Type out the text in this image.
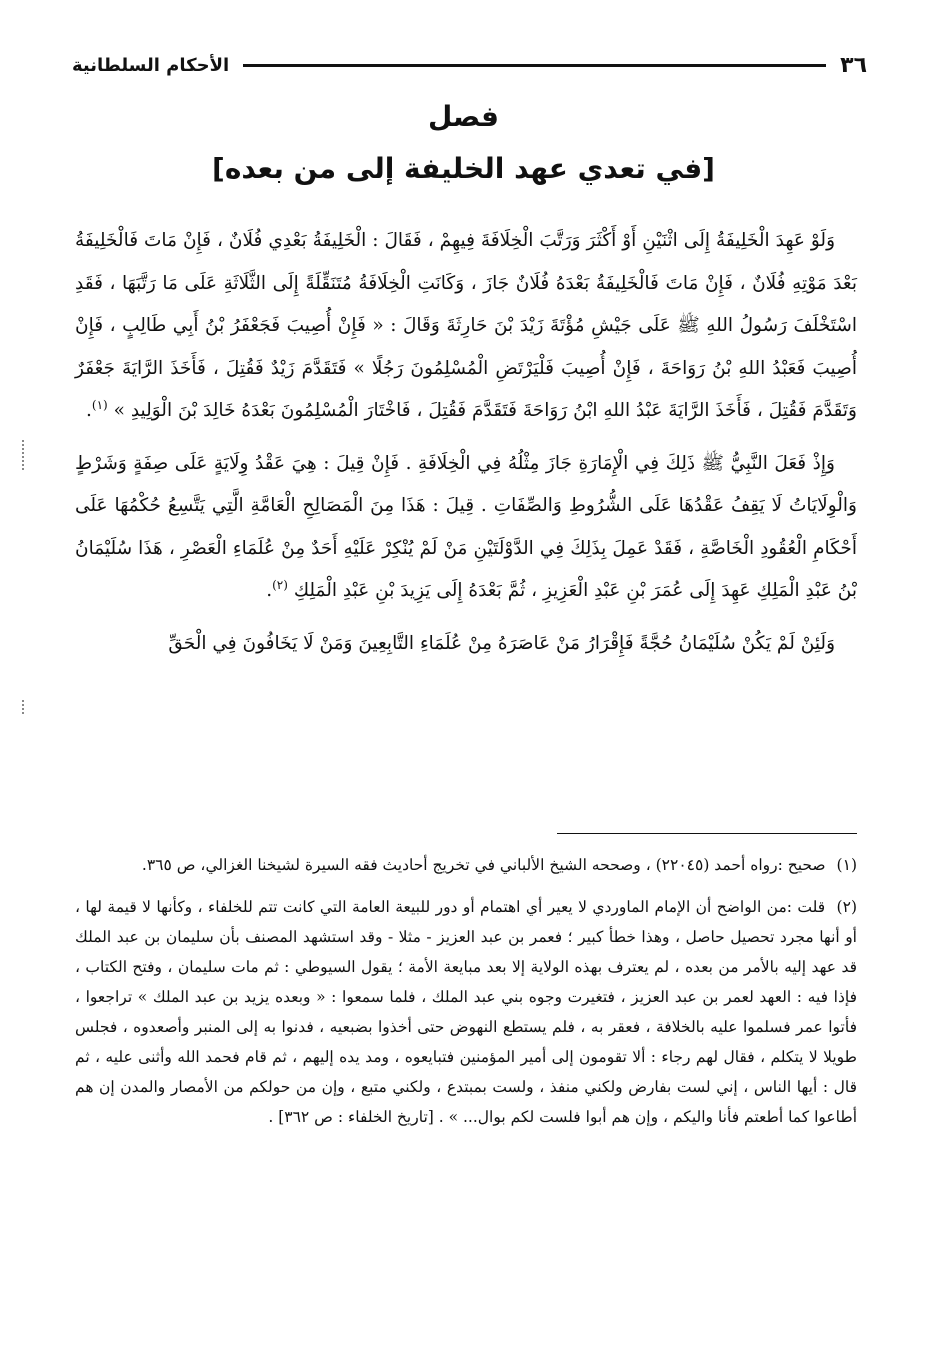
٣٦
الأحكام السلطانية
فصل
[في تعدي عهد الخليفة إلى من بعده]

وَلَوْ عَهِدَ الْخَلِيفَةُ إِلَى اثْنَيْنِ أَوْ أَكْثَرَ وَرَتَّبَ الْخِلَافَةَ فِيهِمْ ، فَقَالَ : الْخَلِيفَةُ بَعْدِي فُلَانٌ ، فَإِنْ مَاتَ فَالْخَلِيفَةُ بَعْدَ مَوْتِهِ فُلَانٌ ، فَإِنْ مَاتَ فَالْخَلِيفَةُ بَعْدَهُ فُلَانٌ جَازَ ، وَكَانَتِ الْخِلَافَةُ مُتَنَقِّلَةً إِلَى الثَّلَاثَةِ عَلَى مَا رَتَّبَهَا ، فَقَدِ اسْتَخْلَفَ رَسُولُ اللهِ ﷺ عَلَى جَيْشِ مُؤْتَةَ زَيْدَ بْنَ حَارِثَةَ وَقَالَ : « فَإِنْ أُصِيبَ فَجَعْفَرُ بْنُ أَبِي طَالِبٍ ، فَإِنْ أُصِيبَ فَعَبْدُ اللهِ بْنُ رَوَاحَةَ ، فَإِنْ أُصِيبَ فَلْيَرْتَضِ الْمُسْلِمُونَ رَجُلًا » فَتَقَدَّمَ زَيْدٌ فَقُتِلَ ، فَأَخَذَ الرَّايَةَ جَعْفَرٌ وَتَقَدَّمَ فَقُتِلَ ، فَأَخَذَ الرَّايَةَ عَبْدُ اللهِ ابْنُ رَوَاحَةَ فَتَقَدَّمَ فَقُتِلَ ، فَاخْتَارَ الْمُسْلِمُونَ بَعْدَهُ خَالِدَ بْنَ الْوَلِيدِ » $^{(١)}$.

وَإِذْ فَعَلَ النَّبِيُّ ﷺ ذَلِكَ فِي الْإِمَارَةِ جَازَ مِثْلُهُ فِي الْخِلَافَةِ . فَإِنْ قِيلَ : هِيَ عَقْدُ وِلَايَةٍ عَلَى صِفَةٍ وَشَرْطٍ وَالْوِلَايَاتُ لَا يَقِفُ عَقْدُهَا عَلَى الشُّرُوطِ وَالصِّفَاتِ . قِيلَ : هَذَا مِنَ الْمَصَالِحِ الْعَامَّةِ الَّتِي يَتَّسِعُ حُكْمُهَا عَلَى أَحْكَامِ الْعُقُودِ الْخَاصَّةِ ، فَقَدْ عَمِلَ بِذَلِكَ فِي الدَّوْلَتَيْنِ مَنْ لَمْ يُنْكِرْ عَلَيْهِ أَحَدٌ مِنْ عُلَمَاءِ الْعَصْرِ ، هَذَا سُلَيْمَانُ بْنُ عَبْدِ الْمَلِكِ عَهِدَ إِلَى عُمَرَ بْنِ عَبْدِ الْعَزِيزِ ، ثُمَّ بَعْدَهُ إِلَى يَزِيدَ بْنِ عَبْدِ الْمَلِكِ $^{(٢)}$.

وَلَئِنْ لَمْ يَكُنْ سُلَيْمَانُ حُجَّةً فَإِقْرَارُ مَنْ عَاصَرَهُ مِنْ عُلَمَاءِ التَّابِعِينَ وَمَنْ لَا يَخَافُونَ فِي الْحَقِّ

(١) صحيح :رواه أحمد (٢٢٠٤٥) ، وصححه الشيخ الألباني في تخريج أحاديث فقه السيرة لشيخنا الغزالي، ص ٣٦٥.
(٢) قلت :من الواضح أن الإمام الماوردي لا يعير أي اهتمام أو دور للبيعة العامة التي كانت تتم للخلفاء ، وكأنها لا قيمة لها ، أو أنها مجرد تحصيل حاصل ، وهذا خطأ كبير ؛ فعمر بن عبد العزيز - مثلا - وقد استشهد المصنف بأن سليمان بن عبد الملك قد عهد إليه بالأمر من بعده ، لم يعترف بهذه الولاية إلا بعد مبايعة الأمة ؛ يقول السيوطي : ثم مات سليمان ، وفتح الكتاب ، فإذا فيه : العهد لعمر بن عبد العزيز ، فتغيرت وجوه بني عبد الملك ، فلما سمعوا : « وبعده يزيد بن عبد الملك » تراجعوا ، فأتوا عمر فسلموا عليه بالخلافة ، فعقر به ، فلم يستطع النهوض حتى أخذوا بضبعيه ، فدنوا به إلى المنبر وأصعدوه ، فجلس طويلا لا يتكلم ، فقال لهم رجاء : ألا تقومون إلى أمير المؤمنين فتبايعوه ، ومد يده إليهم ، ثم قام فحمد الله وأثنى عليه ، ثم قال : أيها الناس ، إني لست بفارض ولكني منفذ ، ولست بمبتدع ، ولكني متبع ، وإن من حولكم من الأمصار والمدن إن هم أطاعوا كما أطعتم فأنا واليكم ، وإن هم أبوا فلست لكم بوال... » . [تاريخ الخلفاء : ص ٣٦٢] .
